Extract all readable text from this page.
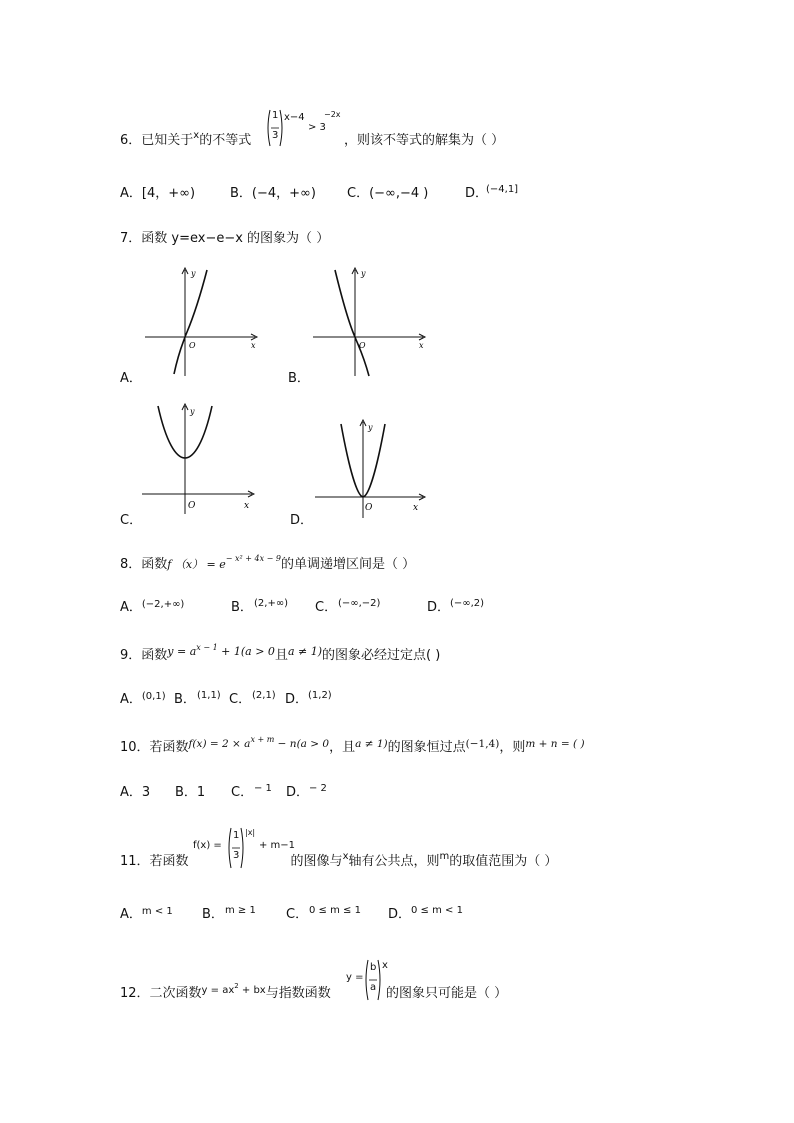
6．已知关于$^x$的不等式
1
3
x−4
> 3
−2x
，则该不等式的解集为（ ）
A．[4，+∞)	B．(−4，+∞) C．(−∞,−4 )	D．
(−4,1]
7．函数 y=ex−e−x 的图象为（ ）
y
O	x
A．
y
O	x
B．
y
O	x
C．
y
O	x
D．
8．函数f $(x) = e^{- x^2 + 4x - 9}$的单调递增区间是（ ）
A．$^{(-2,+\infty)}$	B． (2,+∞) C． (−∞,−2)	D． (−∞,2)
9．函数$^{y = a^{x - 1} + 1(a > 0}$且$^{a \ne 1)}$的图象必经过定点( )
A．$^{(0,1)}$ B． (1,1) C． (2,1) D． (1,2)
10．若函数$^{f(x) = 2 \times a^{x + m} - n(a > 0}$，且$^{a \ne 1)}$的图象恒过点$^{(-1,4)}$，则$^{m + n = ( )}$
A．3 B．1 C． − 1 D． − 2
f(x) =
1
3
|x|
+ m−1
11．若函数	的图像与$^x$轴有公共点，则$^m$的取值范围为（ ）
A．$^{m < 1}$ B． m ≥ 1 C． 0 ≤ m ≤ 1 D． 0 ≤ m < 1
12．二次函数$^{y = ax^2 + bx}$与指数函数
y =
b
a
x
的图象只可能是（ ）
